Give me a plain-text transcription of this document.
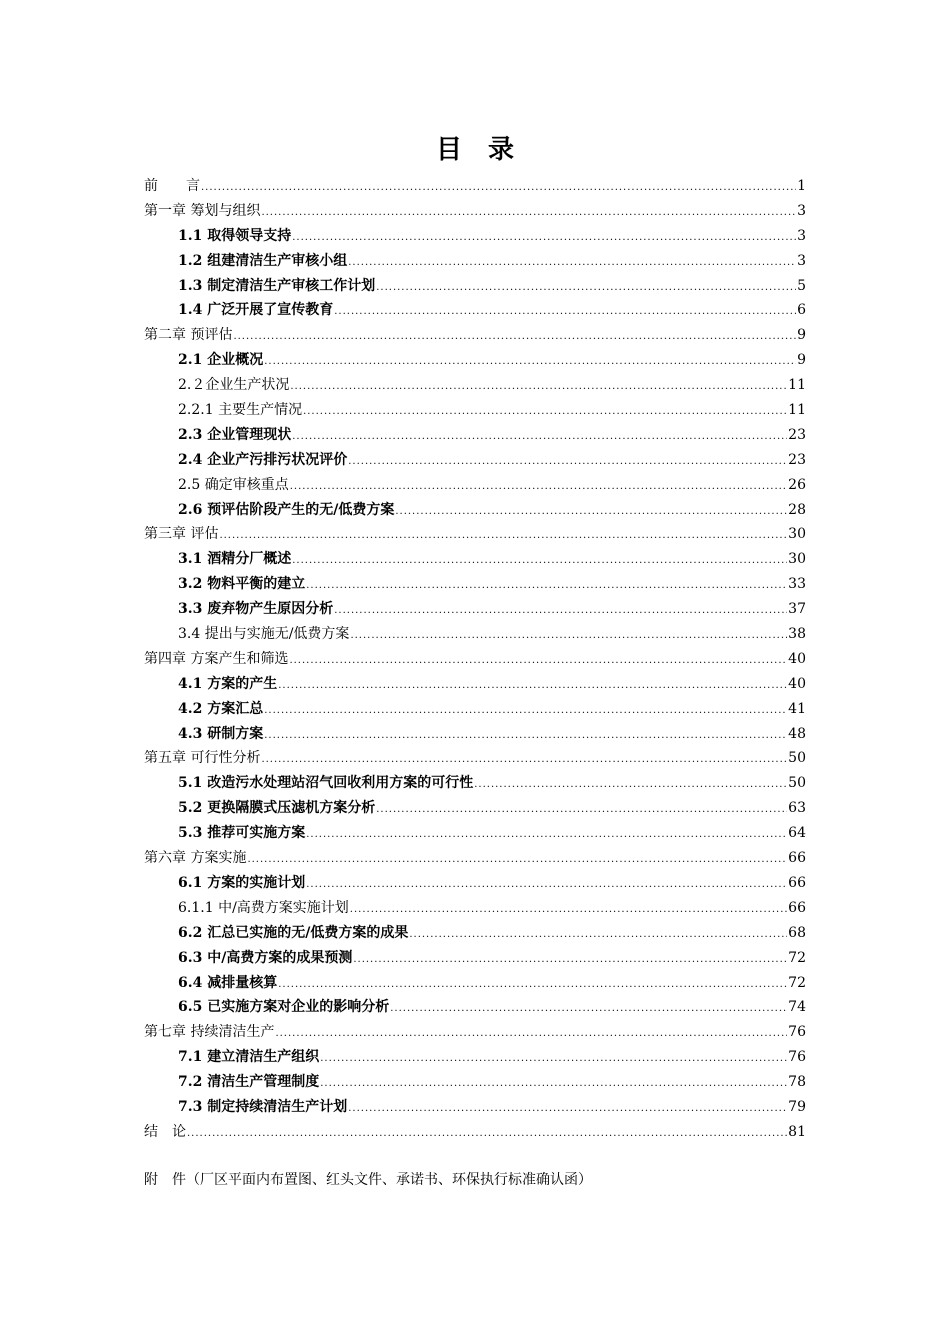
目　录
前　　言 .....	1
第一章 筹划与组织 .....	3
1.1 取得领导支持 .....	3
1.2 组建清洁生产审核小组 .....	3
1.3 制定清洁生产审核工作计划 .....	5
1.4 广泛开展了宣传教育 .....	6
第二章 预评估 .....	9
2.1 企业概况 .....	9
2.２企业生产状况 .....	11
2.2.1 主要生产情况 .....	11
2.3 企业管理现状 .....	23
2.4 企业产污排污状况评价 .....	23
2.5 确定审核重点 .....	26
2.6 预评估阶段产生的无/低费方案 .....	28
第三章 评估 .....	30
3.1 酒精分厂概述 .....	30
3.2 物料平衡的建立 .....	33
3.3 废弃物产生原因分析 .....	37
3.4 提出与实施无/低费方案 .....	38
第四章 方案产生和筛选 .....	40
4.1 方案的产生 .....	40
4.2 方案汇总 .....	41
4.3 研制方案 .....	48
第五章 可行性分析 .....	50
5.1 改造污水处理站沼气回收利用方案的可行性 .....	50
5.2 更换隔膜式压滤机方案分析 .....	63
5.3 推荐可实施方案 .....	64
第六章 方案实施 .....	66
6.1 方案的实施计划 .....	66
6.1.1 中/高费方案实施计划 .....	66
6.2 汇总已实施的无/低费方案的成果 .....	68
6.3 中/高费方案的成果预测 .....	72
6.4 减排量核算 .....	72
6.5 已实施方案对企业的影响分析 .....	74
第七章 持续清洁生产 .....	76
7.1 建立清洁生产组织 .....	76
7.2 清洁生产管理制度 .....	78
7.3 制定持续清洁生产计划 .....	79
结　论 .....	81
附　件（厂区平面内布置图、红头文件、承诺书、环保执行标准确认函）
